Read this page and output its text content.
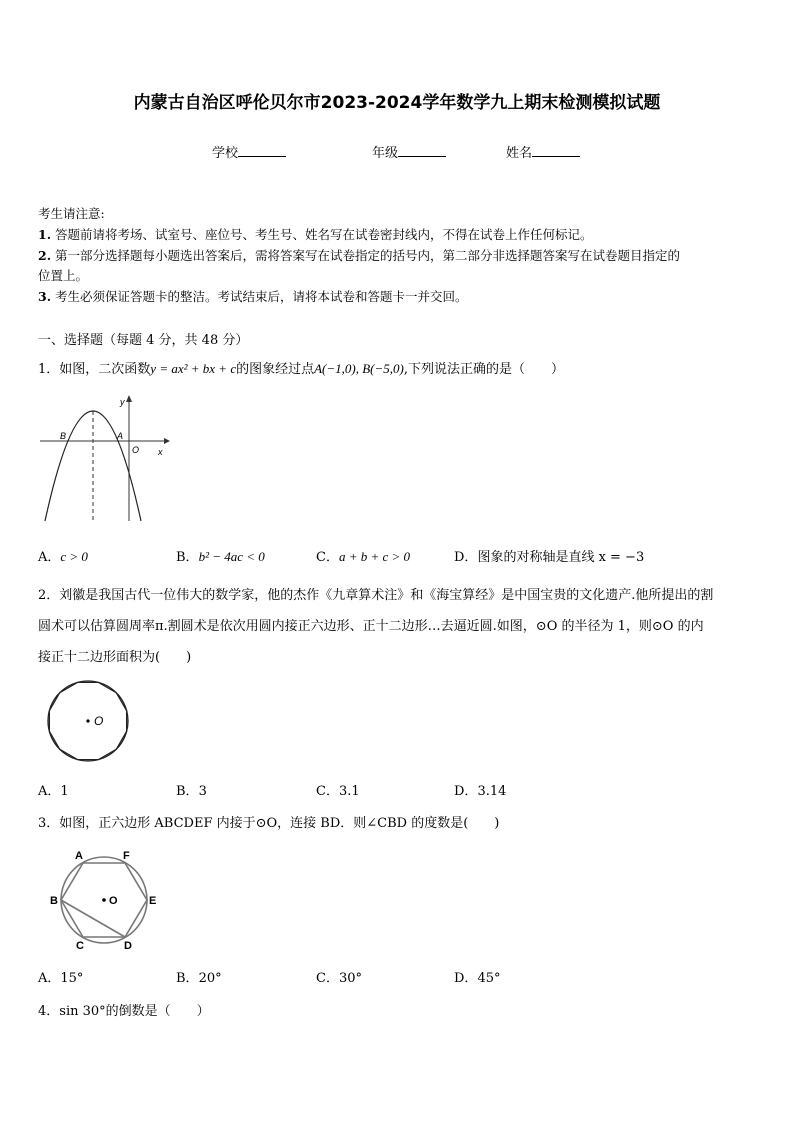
内蒙古自治区呼伦贝尔市2023-2024学年数学九上期末检测模拟试题
学校	年级	姓名
考生请注意:
1. 答题前请将考场、试室号、座位号、考生号、姓名写在试卷密封线内，不得在试卷上作任何标记。
2. 第一部分选择题每小题选出答案后，需将答案写在试卷指定的括号内，第二部分非选择题答案写在试卷题目指定的
位置上。
3. 考生必须保证答题卡的整洁。考试结束后，请将本试卷和答题卡一并交回。
一、选择题（每题 4 分，共 48 分）
1．如图，二次函数y = ax² + bx + c的图象经过点A(−1,0), B(−5,0),下列说法正确的是（　　）
y
x
B	A
O
A．c > 0	B．b² − 4ac < 0	C．a + b + c > 0	D．图象的对称轴是直线 x = −3
2．刘徽是我国古代一位伟大的数学家，他的杰作《九章算术注》和《海宝算经》是中国宝贵的文化遗产.他所提出的割
圆术可以估算圆周率π.割圆术是依次用圆内接正六边形、正十二边形…去逼近圆.如图，⊙O 的半径为 1，则⊙O 的内
接正十二边形面积为(　　)
O
A．1	B．3	C．3.1	D．3.14
3．如图，正六边形 ABCDEF 内接于⊙O，连接 BD．则∠CBD 的度数是(　　)
A	F
B	E
C	D
O
A．15°	B．20°	C．30°	D．45°
4．sin 30°的倒数是（　　）
